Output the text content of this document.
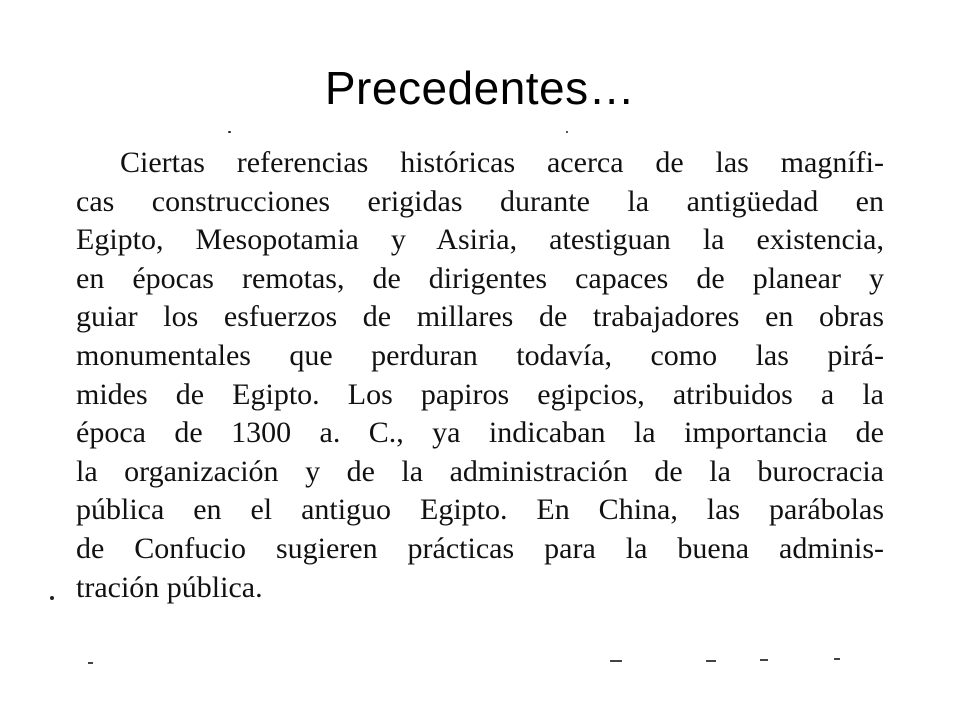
Precedentes…
Ciertas referencias históricas acerca de las magnífi-
cas construcciones erigidas durante la antigüedad en
Egipto, Mesopotamia y Asiria, atestiguan la existencia,
en épocas remotas, de dirigentes capaces de planear y
guiar los esfuerzos de millares de trabajadores en obras
monumentales que perduran todavía, como las pirá-
mides de Egipto. Los papiros egipcios, atribuidos a la
época de 1300 a. C., ya indicaban la importancia de
la organización y de la administración de la burocracia
pública en el antiguo Egipto. En China, las parábolas
de Confucio sugieren prácticas para la buena adminis-
tración pública.
